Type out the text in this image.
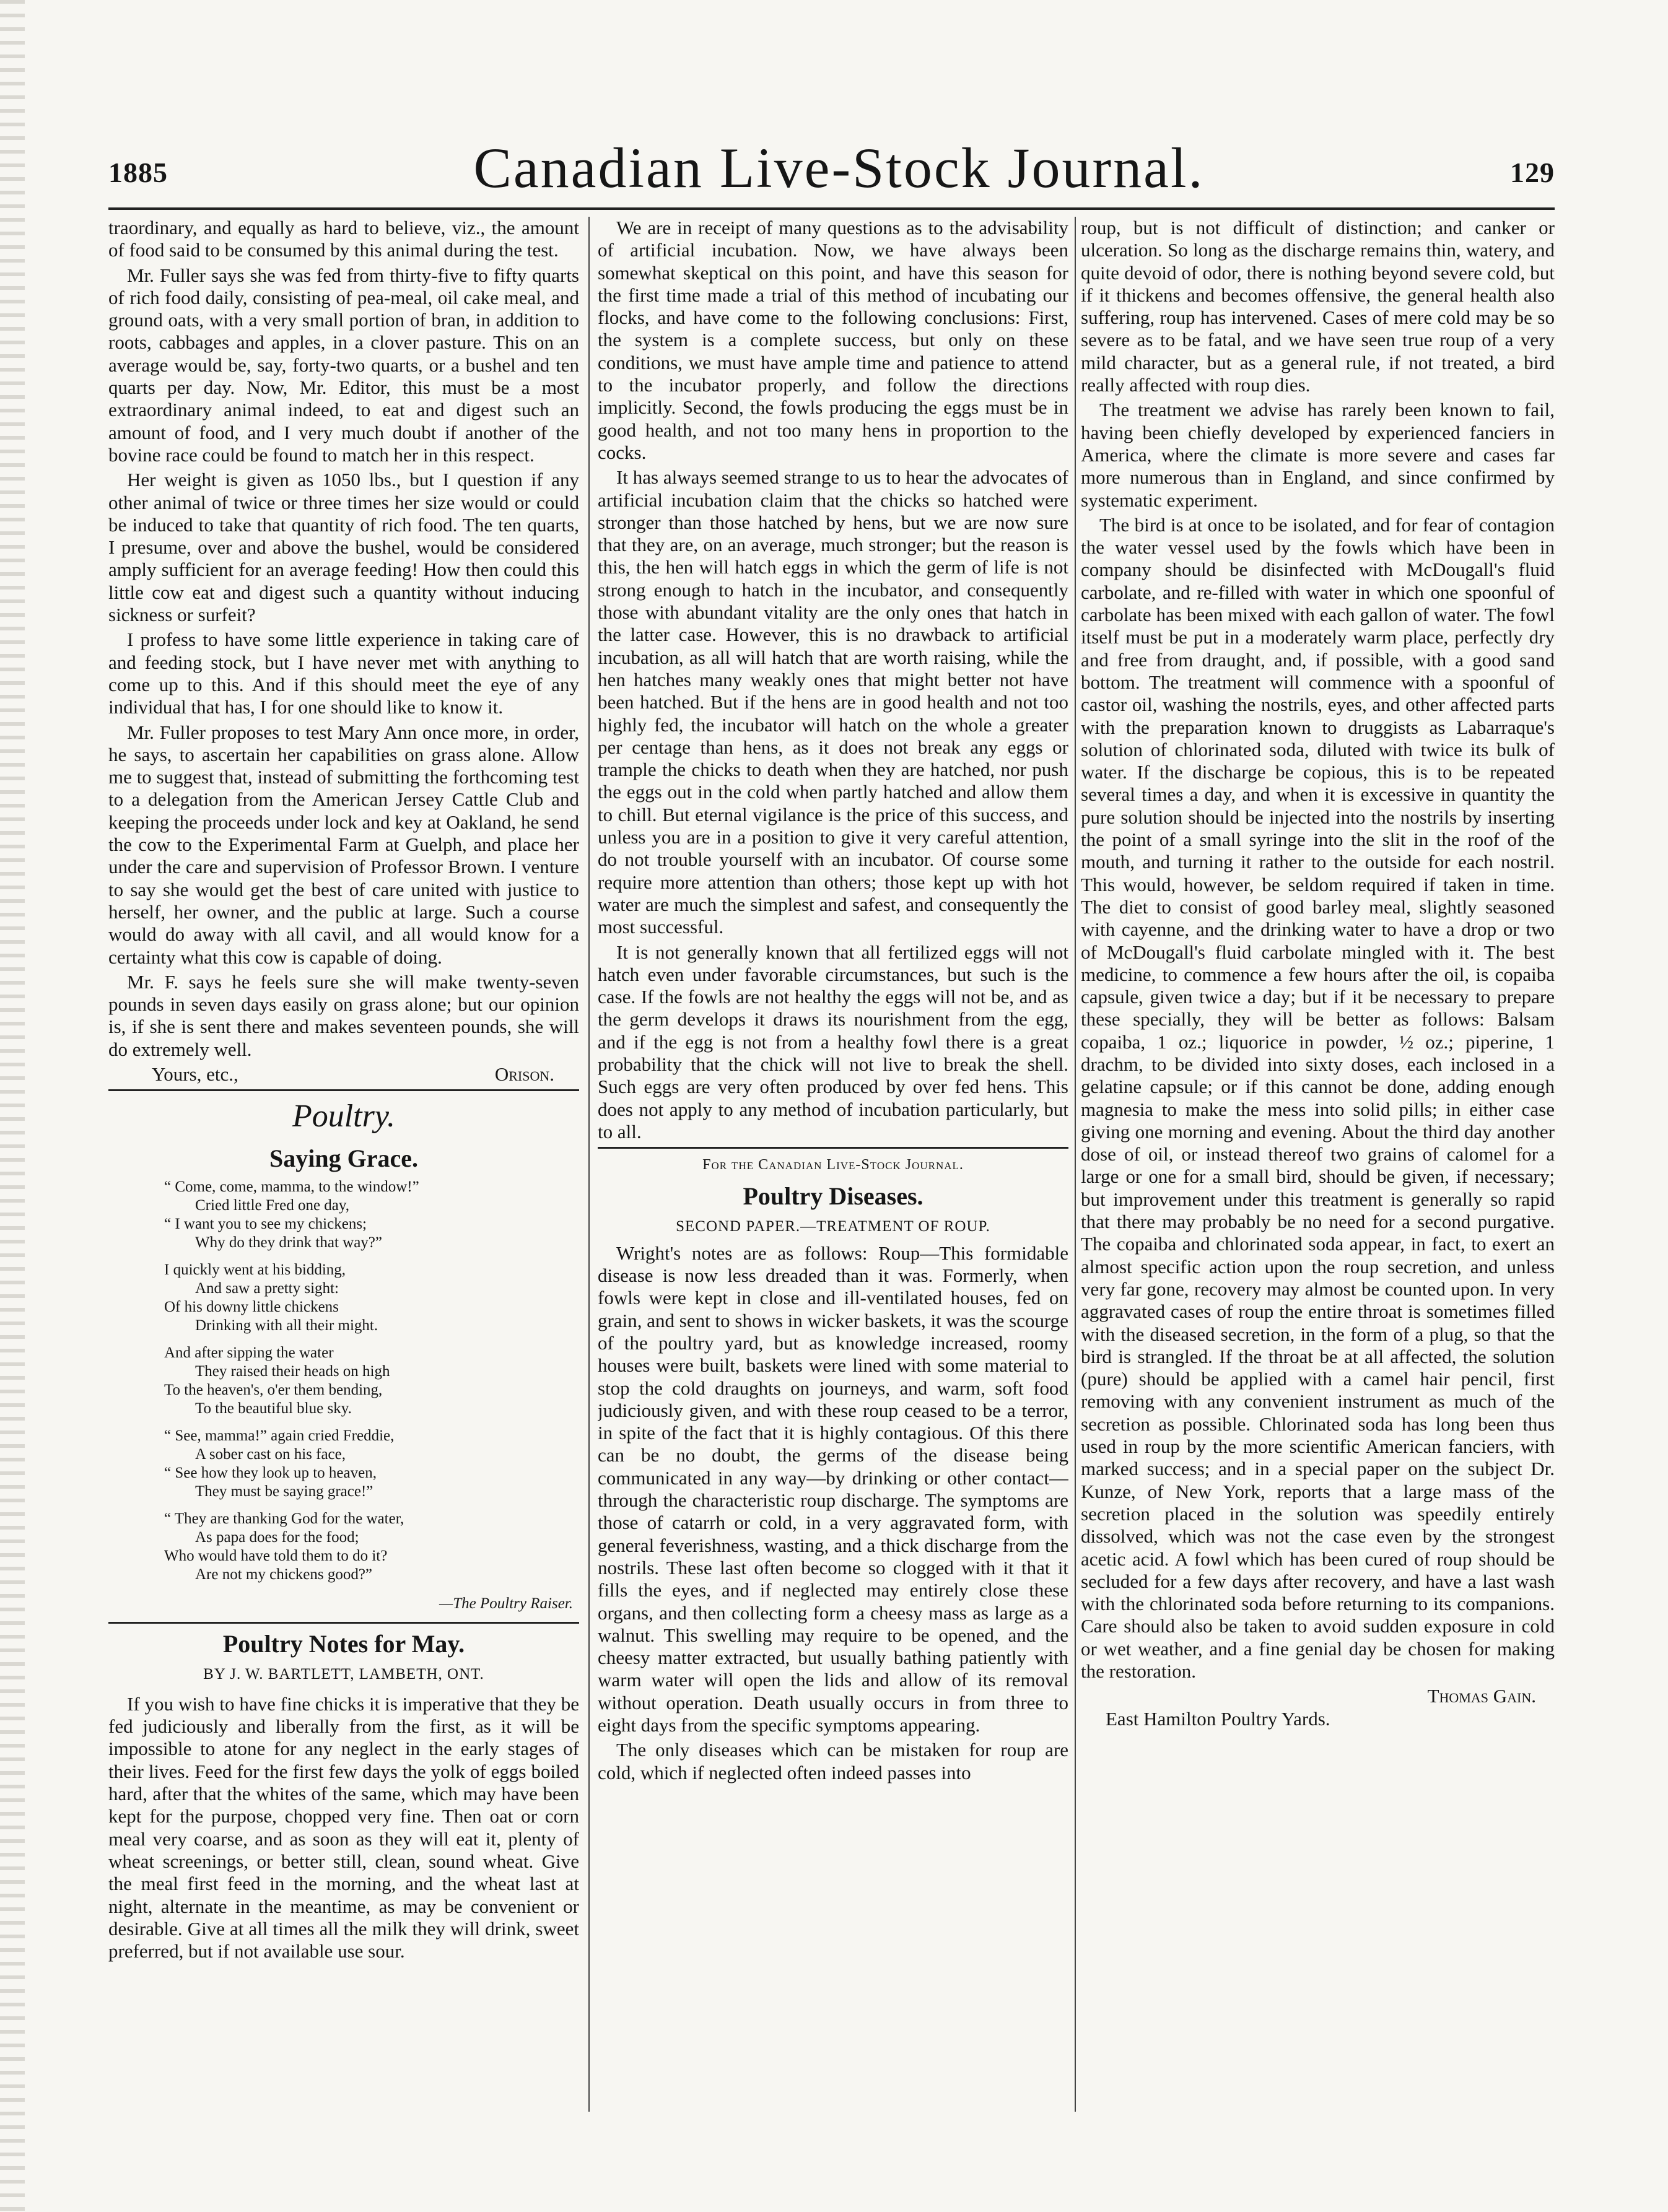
1885	Canadian Live-Stock Journal.	129

traordinary, and equally as hard to believe, viz., the amount of food said to be consumed by this animal during the test.

Mr. Fuller says she was fed from thirty-five to fifty quarts of rich food daily, consisting of pea-meal, oil cake meal, and ground oats, with a very small portion of bran, in addition to roots, cabbages and apples, in a clover pasture. This on an average would be, say, forty-two quarts, or a bushel and ten quarts per day. Now, Mr. Editor, this must be a most extraordinary animal indeed, to eat and digest such an amount of food, and I very much doubt if another of the bovine race could be found to match her in this respect.

Her weight is given as 1050 lbs., but I question if any other animal of twice or three times her size would or could be induced to take that quantity of rich food. The ten quarts, I presume, over and above the bushel, would be considered amply sufficient for an average feeding! How then could this little cow eat and digest such a quantity without inducing sickness or surfeit?

I profess to have some little experience in taking care of and feeding stock, but I have never met with anything to come up to this. And if this should meet the eye of any individual that has, I for one should like to know it.

Mr. Fuller proposes to test Mary Ann once more, in order, he says, to ascertain her capabilities on grass alone. Allow me to suggest that, instead of submitting the forthcoming test to a delegation from the American Jersey Cattle Club and keeping the proceeds under lock and key at Oakland, he send the cow to the Experimental Farm at Guelph, and place her under the care and supervision of Professor Brown. I venture to say she would get the best of care united with justice to herself, her owner, and the public at large. Such a course would do away with all cavil, and all would know for a certainty what this cow is capable of doing.

Mr. F. says he feels sure she will make twenty-seven pounds in seven days easily on grass alone; but our opinion is, if she is sent there and makes seventeen pounds, she will do extremely well.

Yours, etc.,	Orison.
Poultry.
Saying Grace.
“ Come, come, mamma, to the window!”
Cried little Fred one day,
“ I want you to see my chickens;
Why do they drink that way?”
I quickly went at his bidding,
And saw a pretty sight:
Of his downy little chickens
Drinking with all their might.
And after sipping the water
They raised their heads on high
To the heaven's, o'er them bending,
To the beautiful blue sky.
“ See, mamma!” again cried Freddie,
A sober cast on his face,
“ See how they look up to heaven,
They must be saying grace!”
“ They are thanking God for the water,
As papa does for the food;
Who would have told them to do it?
Are not my chickens good?”
—The Poultry Raiser.
Poultry Notes for May.
BY J. W. BARTLETT, LAMBETH, ONT.

If you wish to have fine chicks it is imperative that they be fed judiciously and liberally from the first, as it will be impossible to atone for any neglect in the early stages of their lives. Feed for the first few days the yolk of eggs boiled hard, after that the whites of the same, which may have been kept for the purpose, chopped very fine. Then oat or corn meal very coarse, and as soon as they will eat it, plenty of wheat screenings, or better still, clean, sound wheat. Give the meal first feed in the morning, and the wheat last at night, alternate in the meantime, as may be convenient or desirable. Give at all times all the milk they will drink, sweet preferred, but if not available use sour.

We are in receipt of many questions as to the advisability of artificial incubation. Now, we have always been somewhat skeptical on this point, and have this season for the first time made a trial of this method of incubating our flocks, and have come to the following conclusions: First, the system is a complete success, but only on these conditions, we must have ample time and patience to attend to the incubator properly, and follow the directions implicitly. Second, the fowls producing the eggs must be in good health, and not too many hens in proportion to the cocks.

It has always seemed strange to us to hear the advocates of artificial incubation claim that the chicks so hatched were stronger than those hatched by hens, but we are now sure that they are, on an average, much stronger; but the reason is this, the hen will hatch eggs in which the germ of life is not strong enough to hatch in the incubator, and consequently those with abundant vitality are the only ones that hatch in the latter case. However, this is no drawback to artificial incubation, as all will hatch that are worth raising, while the hen hatches many weakly ones that might better not have been hatched. But if the hens are in good health and not too highly fed, the incubator will hatch on the whole a greater per centage than hens, as it does not break any eggs or trample the chicks to death when they are hatched, nor push the eggs out in the cold when partly hatched and allow them to chill. But eternal vigilance is the price of this success, and unless you are in a position to give it very careful attention, do not trouble yourself with an incubator. Of course some require more attention than others; those kept up with hot water are much the simplest and safest, and consequently the most successful.

It is not generally known that all fertilized eggs will not hatch even under favorable circumstances, but such is the case. If the fowls are not healthy the eggs will not be, and as the germ develops it draws its nourishment from the egg, and if the egg is not from a healthy fowl there is a great probability that the chick will not live to break the shell. Such eggs are very often produced by over fed hens. This does not apply to any method of incubation particularly, but to all.

For the Canadian Live-Stock Journal.
Poultry Diseases.
SECOND PAPER.—TREATMENT OF ROUP.

Wright's notes are as follows: Roup—This formidable disease is now less dreaded than it was. Formerly, when fowls were kept in close and ill-ventilated houses, fed on grain, and sent to shows in wicker baskets, it was the scourge of the poultry yard, but as knowledge increased, roomy houses were built, baskets were lined with some material to stop the cold draughts on journeys, and warm, soft food judiciously given, and with these roup ceased to be a terror, in spite of the fact that it is highly contagious. Of this there can be no doubt, the germs of the disease being communicated in any way—by drinking or other contact—through the characteristic roup discharge. The symptoms are those of catarrh or cold, in a very aggravated form, with general feverishness, wasting, and a thick discharge from the nostrils. These last often become so clogged with it that it fills the eyes, and if neglected may entirely close these organs, and then collecting form a cheesy mass as large as a walnut. This swelling may require to be opened, and the cheesy matter extracted, but usually bathing patiently with warm water will open the lids and allow of its removal without operation. Death usually occurs in from three to eight days from the specific symptoms appearing.

The only diseases which can be mistaken for roup are cold, which if neglected often indeed passes into

roup, but is not difficult of distinction; and canker or ulceration. So long as the discharge remains thin, watery, and quite devoid of odor, there is nothing beyond severe cold, but if it thickens and becomes offensive, the general health also suffering, roup has intervened. Cases of mere cold may be so severe as to be fatal, and we have seen true roup of a very mild character, but as a general rule, if not treated, a bird really affected with roup dies.

The treatment we advise has rarely been known to fail, having been chiefly developed by experienced fanciers in America, where the climate is more severe and cases far more numerous than in England, and since confirmed by systematic experiment.

The bird is at once to be isolated, and for fear of contagion the water vessel used by the fowls which have been in company should be disinfected with McDougall's fluid carbolate, and re-filled with water in which one spoonful of carbolate has been mixed with each gallon of water. The fowl itself must be put in a moderately warm place, perfectly dry and free from draught, and, if possible, with a good sand bottom. The treatment will commence with a spoonful of castor oil, washing the nostrils, eyes, and other affected parts with the preparation known to druggists as Labarraque's solution of chlorinated soda, diluted with twice its bulk of water. If the discharge be copious, this is to be repeated several times a day, and when it is excessive in quantity the pure solution should be injected into the nostrils by inserting the point of a small syringe into the slit in the roof of the mouth, and turning it rather to the outside for each nostril. This would, however, be seldom required if taken in time. The diet to consist of good barley meal, slightly seasoned with cayenne, and the drinking water to have a drop or two of McDougall's fluid carbolate mingled with it. The best medicine, to commence a few hours after the oil, is copaiba capsule, given twice a day; but if it be necessary to prepare these specially, they will be better as follows: Balsam copaiba, 1 oz.; liquorice in powder, ½ oz.; piperine, 1 drachm, to be divided into sixty doses, each inclosed in a gelatine capsule; or if this cannot be done, adding enough magnesia to make the mess into solid pills; in either case giving one morning and evening. About the third day another dose of oil, or instead thereof two grains of calomel for a large or one for a small bird, should be given, if necessary; but improvement under this treatment is generally so rapid that there may probably be no need for a second purgative. The copaiba and chlorinated soda appear, in fact, to exert an almost specific action upon the roup secretion, and unless very far gone, recovery may almost be counted upon. In very aggravated cases of roup the entire throat is sometimes filled with the diseased secretion, in the form of a plug, so that the bird is strangled. If the throat be at all affected, the solution (pure) should be applied with a camel hair pencil, first removing with any convenient instrument as much of the secretion as possible. Chlorinated soda has long been thus used in roup by the more scientific American fanciers, with marked success; and in a special paper on the subject Dr. Kunze, of New York, reports that a large mass of the secretion placed in the solution was speedily entirely dissolved, which was not the case even by the strongest acetic acid. A fowl which has been cured of roup should be secluded for a few days after recovery, and have a last wash with the chlorinated soda before returning to its companions. Care should also be taken to avoid sudden exposure in cold or wet weather, and a fine genial day be chosen for making the restoration.

Thomas Gain.
East Hamilton Poultry Yards.
